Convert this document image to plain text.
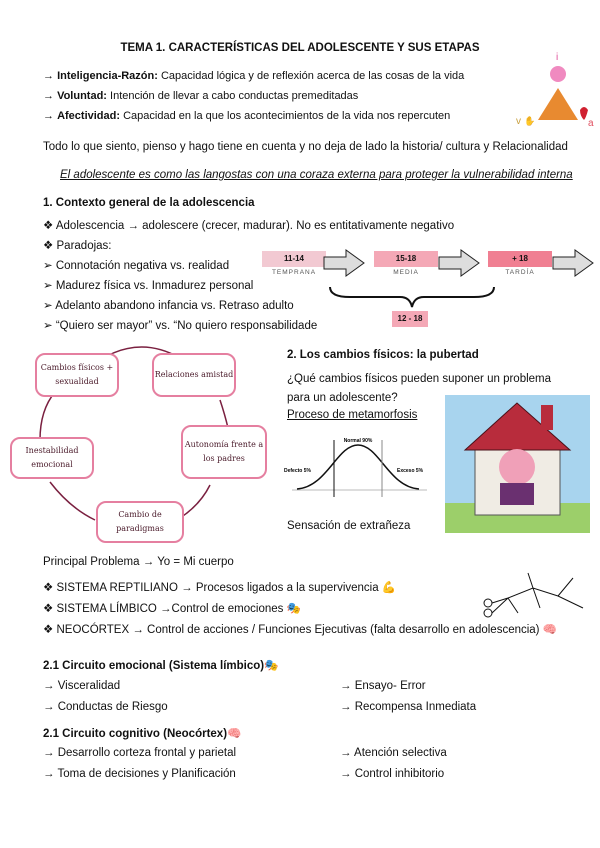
TEMA 1. CARACTERÍSTICAS DEL ADOLESCENTE Y SUS ETAPAS
→ Inteligencia-Razón: Capacidad lógica y de reflexión acerca de las cosas de la vida
→ Voluntad: Intención de llevar a cabo conductas premeditadas
→ Afectividad: Capacidad en la que los acontecimientos de la vida nos repercuten
i
v ✋	a
Todo lo que siento, pienso y hago tiene en cuenta y no deja de lado la historia/ cultura y Relacionalidad
El adolescente es como las langostas con una coraza externa para proteger la vulnerabilidad interna
1. Contexto general de la adolescencia
❖ Adolescencia → adolescere (crecer, madurar). No es entitativamente negativo
❖ Paradojas:
➢ Connotación negativa vs. realidad
➢ Madurez física vs. Inmadurez personal
➢ Adelanto abandono infancia vs. Retraso adulto
➢ “Quiero ser mayor” vs. “No quiero responsabilidade
11-14
TEMPRANA
15-18
MEDIA
+ 18
TARDÍA
12 - 18
Cambios físicos + sexualidad
Relaciones amistad
Autonomía frente a los padres
Cambio de paradigmas
Inestabilidad emocional
2. Los cambios físicos: la pubertad
¿Qué cambios físicos pueden suponer un problema para un adolescente?
Proceso de metamorfosis
Normal 90%
Defecto 5%	Exceso 5%
Sensación de extrañeza
Principal Problema → Yo = Mi cuerpo
❖ SISTEMA REPTILIANO → Procesos ligados a la supervivencia 💪
❖ SISTEMA LÍMBICO →Control de emociones 🎭
❖ NEOCÓRTEX → Control de acciones / Funciones Ejecutivas (falta desarrollo en adolescencia) 🧠
2.1 Circuito emocional (Sistema límbico)🎭
→ Visceralidad
→ Conductas de Riesgo
→ Ensayo- Error
→ Recompensa Inmediata
2.1 Circuito cognitivo (Neocórtex)🧠
→ Desarrollo corteza frontal y parietal
→ Toma de decisiones y Planificación
→ Atención selectiva
→ Control inhibitorio
